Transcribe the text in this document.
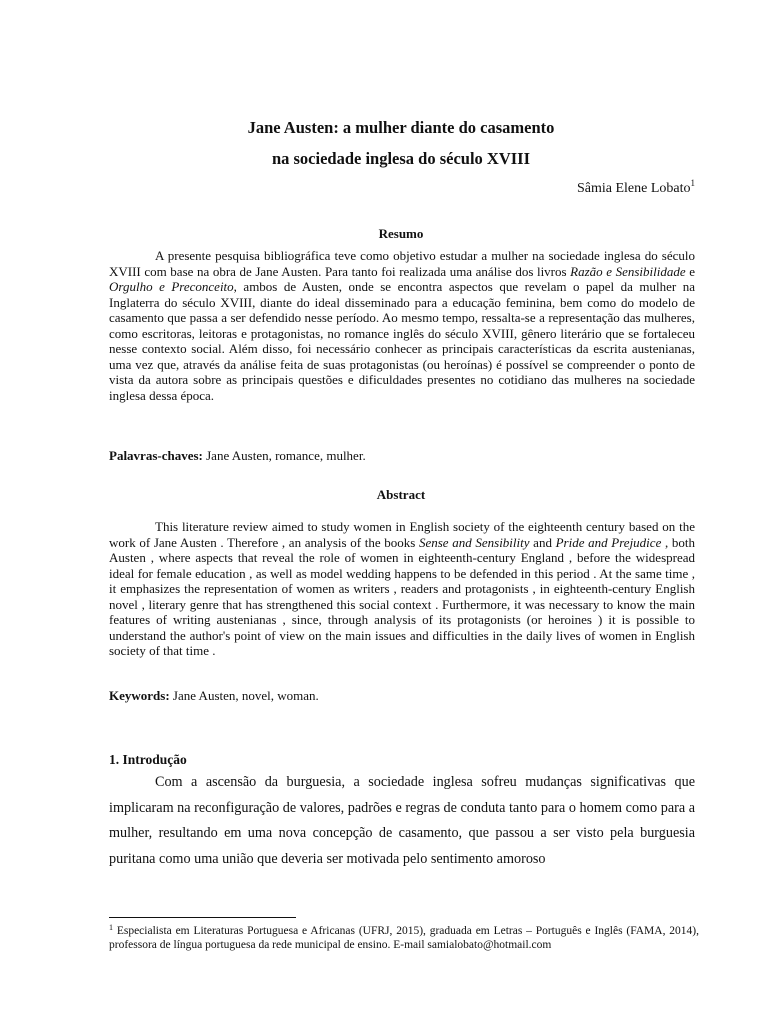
Jane Austen: a mulher diante do casamento
na sociedade inglesa do século XVIII
Sâmia Elene Lobato$^1$
Resumo
A presente pesquisa bibliográfica teve como objetivo estudar a mulher na sociedade inglesa do século XVIII com base na obra de Jane Austen. Para tanto foi realizada uma análise dos livros Razão e Sensibilidade e Orgulho e Preconceito, ambos de Austen, onde se encontra aspectos que revelam o papel da mulher na Inglaterra do século XVIII, diante do ideal disseminado para a educação feminina, bem como do modelo de casamento que passa a ser defendido nesse período. Ao mesmo tempo, ressalta-se a representação das mulheres, como escritoras, leitoras e protagonistas, no romance inglês do século XVIII, gênero literário que se fortaleceu nesse contexto social. Além disso, foi necessário conhecer as principais características da escrita austenianas, uma vez que, através da análise feita de suas protagonistas (ou heroínas) é possível se compreender o ponto de vista da autora sobre as principais questões e dificuldades presentes no cotidiano das mulheres na sociedade inglesa dessa época.
Palavras-chaves: Jane Austen, romance, mulher.
Abstract
This literature review aimed to study women in English society of the eighteenth century based on the work of Jane Austen . Therefore , an analysis of the books Sense and Sensibility and Pride and Prejudice , both Austen , where aspects that reveal the role of women in eighteenth-century England , before the widespread ideal for female education , as well as model wedding happens to be defended in this period . At the same time , it emphasizes the representation of women as writers , readers and protagonists , in eighteenth-century English novel , literary genre that has strengthened this social context . Furthermore, it was necessary to know the main features of writing austenianas , since, through analysis of its protagonists (or heroines ) it is possible to understand the author's point of view on the main issues and difficulties in the daily lives of women in English society of that time .
Keywords: Jane Austen, novel, woman.
1. Introdução
Com a ascensão da burguesia, a sociedade inglesa sofreu mudanças significativas que implicaram na reconfiguração de valores, padrões e regras de conduta tanto para o homem como para a mulher, resultando em uma nova concepção de casamento, que passou a ser visto pela burguesia puritana como uma união que deveria ser motivada pelo sentimento amoroso
$^1$ Especialista em Literaturas Portuguesa e Africanas (UFRJ, 2015), graduada em Letras – Português e Inglês (FAMA, 2014), professora de língua portuguesa da rede municipal de ensino. E-mail samialobato@hotmail.com
